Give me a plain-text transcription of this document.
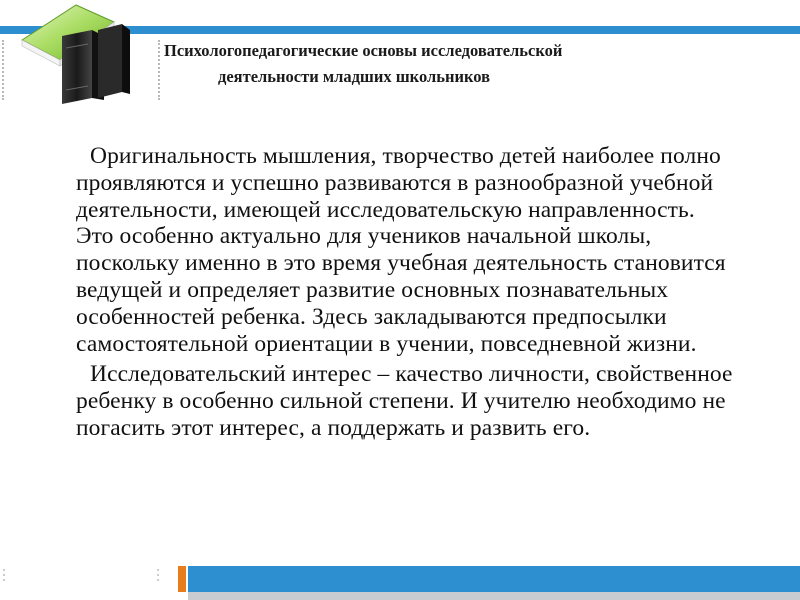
Психологопедагогические основы исследовательской
деятельности младших школьников

Оригинальность мышления, творчество детей наиболее полно проявляются и успешно развиваются в разнообразной учебной деятельности, имеющей исследовательскую направленность. Это особенно актуально для учеников начальной школы, поскольку именно в это время учебная деятельность становится ведущей и определяет развитие основных познавательных особенностей ребенка. Здесь закладываются предпосылки самостоятельной ориентации в учении, повседневной жизни.

Исследовательский интерес – качество личности, свойственное ребенку в особенно сильной степени. И учителю необходимо не погасить этот интерес, а поддержать и развить его.
